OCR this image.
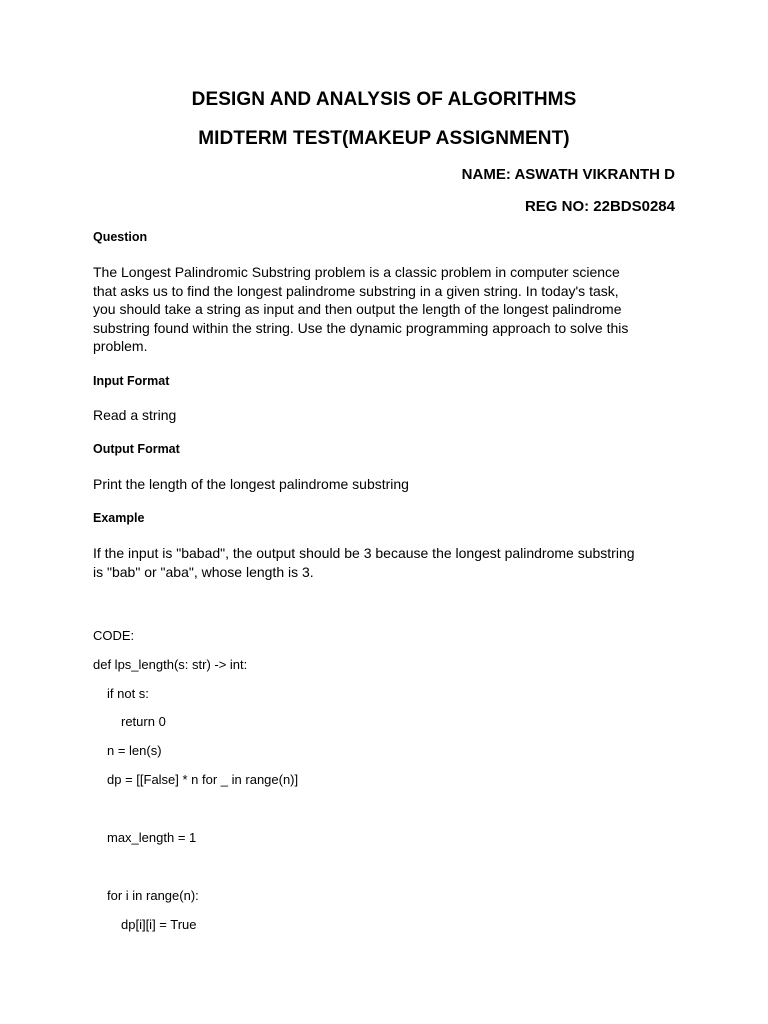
DESIGN AND ANALYSIS OF ALGORITHMS

MIDTERM TEST(MAKEUP ASSIGNMENT)

NAME: ASWATH VIKRANTH D

REG NO: 22BDS0284

Question

The Longest Palindromic Substring problem is a classic problem in computer science
that asks us to find the longest palindrome substring in a given string. In today's task,
you should take a string as input and then output the length of the longest palindrome
substring found within the string. Use the dynamic programming approach to solve this
problem.

Input Format

Read a string

Output Format

Print the length of the longest palindrome substring

Example

If the input is "babad", the output should be 3 because the longest palindrome substring
is "bab" or "aba", whose length is 3.

CODE:

def lps_length(s: str) -> int:

if not s:

return 0

n = len(s)

dp = [[False] * n for _ in range(n)]

max_length = 1

for i in range(n):

dp[i][i] = True
